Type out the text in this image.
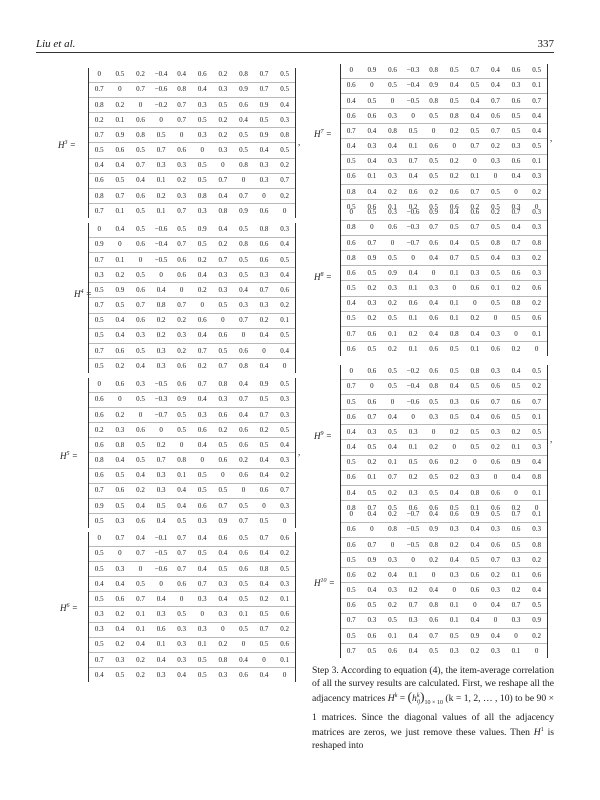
Liu et al.	337
$H^3$ =
0	0.5	0.2	−0.4	0.4	0.6	0.2	0.8	0.7	0.5
0.7	0	0.7	−0.6	0.8	0.4	0.3	0.9	0.7	0.5
0.8	0.2	0	−0.2	0.7	0.3	0.5	0.6	0.9	0.4
0.2	0.1	0.6	0	0.7	0.5	0.2	0.4	0.5	0.3
0.7	0.9	0.8	0.5	0	0.3	0.2	0.5	0.9	0.8
0.5	0.6	0.5	0.7	0.6	0	0.3	0.5	0.4	0.5
0.4	0.4	0.7	0.3	0.3	0.5	0	0.8	0.3	0.2
0.6	0.5	0.4	0.1	0.2	0.5	0.7	0	0.3	0.7
0.8	0.7	0.6	0.2	0.3	0.8	0.4	0.7	0	0.2
0.7	0.1	0.5	0.1	0.7	0.3	0.8	0.9	0.6	0
,
$H^4$ =
0	0.4	0.5	−0.6	0.5	0.9	0.4	0.5	0.8	0.3
0.9	0	0.6	−0.4	0.7	0.5	0.2	0.8	0.6	0.4
0.7	0.1	0	−0.5	0.6	0.2	0.7	0.5	0.6	0.5
0.3	0.2	0.5	0	0.6	0.4	0.3	0.5	0.3	0.4
0.5	0.9	0.6	0.4	0	0.2	0.3	0.4	0.7	0.6
0.7	0.5	0.7	0.8	0.7	0	0.5	0.3	0.3	0.2
0.5	0.4	0.6	0.2	0.2	0.6	0	0.7	0.2	0.1
0.5	0.4	0.3	0.2	0.3	0.4	0.6	0	0.4	0.5
0.7	0.6	0.5	0.3	0.2	0.7	0.5	0.6	0	0.4
0.5	0.2	0.4	0.3	0.6	0.2	0.7	0.8	0.4	0
$H^5$ =
0	0.6	0.3	−0.5	0.6	0.7	0.8	0.4	0.9	0.5
0.6	0	0.5	−0.3	0.9	0.4	0.3	0.7	0.5	0.3
0.6	0.2	0	−0.7	0.5	0.3	0.6	0.4	0.7	0.3
0.2	0.3	0.6	0	0.5	0.6	0.2	0.6	0.2	0.5
0.6	0.8	0.5	0.2	0	0.4	0.5	0.6	0.5	0.4
0.8	0.4	0.5	0.7	0.8	0	0.6	0.2	0.4	0.3
0.6	0.5	0.4	0.3	0.1	0.5	0	0.6	0.4	0.2
0.7	0.6	0.2	0.3	0.4	0.5	0.5	0	0.6	0.7
0.9	0.5	0.4	0.5	0.4	0.6	0.7	0.5	0	0.3
0.5	0.3	0.6	0.4	0.5	0.3	0.9	0.7	0.5	0
,
$H^6$ =
0	0.7	0.4	−0.1	0.7	0.4	0.6	0.5	0.7	0.6
0.5	0	0.7	−0.5	0.7	0.5	0.4	0.6	0.4	0.2
0.5	0.3	0	−0.6	0.7	0.4	0.5	0.6	0.8	0.5
0.4	0.4	0.5	0	0.6	0.7	0.3	0.5	0.4	0.3
0.5	0.6	0.7	0.4	0	0.3	0.4	0.5	0.2	0.1
0.3	0.2	0.1	0.3	0.5	0	0.3	0.1	0.5	0.6
0.3	0.4	0.1	0.6	0.3	0.3	0	0.5	0.7	0.2
0.5	0.2	0.4	0.1	0.3	0.1	0.2	0	0.5	0.6
0.7	0.3	0.2	0.4	0.3	0.5	0.8	0.4	0	0.1
0.4	0.5	0.2	0.3	0.4	0.5	0.3	0.6	0.4	0
$H^7$ =
0	0.9	0.6	−0.3	0.8	0.5	0.7	0.4	0.6	0.5
0.6	0	0.5	−0.4	0.9	0.4	0.5	0.4	0.3	0.1
0.4	0.5	0	−0.5	0.8	0.5	0.4	0.7	0.6	0.7
0.6	0.6	0.3	0	0.5	0.8	0.4	0.6	0.5	0.4
0.7	0.4	0.8	0.5	0	0.2	0.5	0.7	0.5	0.4
0.4	0.3	0.4	0.1	0.6	0	0.7	0.2	0.3	0.5
0.5	0.4	0.3	0.7	0.5	0.2	0	0.3	0.6	0.1
0.6	0.1	0.3	0.4	0.5	0.2	0.1	0	0.4	0.3
0.8	0.4	0.2	0.6	0.2	0.6	0.7	0.5	0	0.2
0.5	0.6	0.1	0.2	0.5	0.6	0.2	0.5	0.3	0
,
$H^8$ =
0	0.5	0.3	−0.6	0.9	0.4	0.6	0.2	0.7	0.3
0.8	0	0.6	−0.3	0.7	0.5	0.7	0.5	0.4	0.3
0.6	0.7	0	−0.7	0.6	0.4	0.5	0.8	0.7	0.8
0.8	0.9	0.5	0	0.4	0.7	0.5	0.4	0.3	0.2
0.6	0.5	0.9	0.4	0	0.1	0.3	0.5	0.6	0.3
0.5	0.2	0.3	0.1	0.3	0	0.6	0.1	0.2	0.6
0.4	0.3	0.2	0.6	0.4	0.1	0	0.5	0.8	0.2
0.5	0.2	0.5	0.1	0.6	0.1	0.2	0	0.5	0.6
0.7	0.6	0.1	0.2	0.4	0.8	0.4	0.3	0	0.1
0.6	0.5	0.2	0.1	0.6	0.5	0.1	0.6	0.2	0
$H^9$ =
0	0.6	0.5	−0.2	0.6	0.5	0.8	0.3	0.4	0.5
0.7	0	0.5	−0.4	0.8	0.4	0.5	0.6	0.5	0.2
0.5	0.6	0	−0.6	0.5	0.3	0.6	0.7	0.6	0.7
0.6	0.7	0.4	0	0.3	0.5	0.4	0.6	0.5	0.1
0.4	0.3	0.5	0.3	0	0.2	0.5	0.3	0.2	0.5
0.4	0.5	0.4	0.1	0.2	0	0.5	0.2	0.1	0.3
0.5	0.2	0.1	0.5	0.6	0.2	0	0.6	0.9	0.4
0.6	0.1	0.7	0.2	0.5	0.2	0.3	0	0.4	0.8
0.4	0.5	0.2	0.3	0.5	0.4	0.8	0.6	0	0.1
0.8	0.7	0.5	0.6	0.6	0.5	0.1	0.6	0.2	0
,
$H^{10}$ =
0	0.4	0.2	−0.7	0.4	0.6	0.9	0.5	0.7	0.1
0.6	0	0.8	−0.5	0.9	0.3	0.4	0.3	0.6	0.3
0.6	0.7	0	−0.5	0.8	0.2	0.4	0.6	0.5	0.8
0.5	0.9	0.3	0	0.2	0.4	0.5	0.7	0.3	0.2
0.6	0.2	0.4	0.1	0	0.3	0.6	0.2	0.1	0.6
0.5	0.4	0.3	0.2	0.4	0	0.6	0.3	0.2	0.4
0.6	0.5	0.2	0.7	0.8	0.1	0	0.4	0.7	0.5
0.7	0.3	0.5	0.3	0.6	0.1	0.4	0	0.3	0.9
0.5	0.6	0.1	0.4	0.7	0.5	0.9	0.4	0	0.2
0.7	0.5	0.6	0.4	0.5	0.3	0.2	0.3	0.1	0
Step 3. According to equation (4), the item-average correlation of all the survey results are calculated. First, we reshape all the adjacency matrices $H^k = (h$ k
ij )$_{10 \times 10}$ (k = 1, 2, … , 10) to be 90 × 1 matrices. Since the diagonal values of all the adjacency matrices are zeros, we just remove these values. Then $H^1$ is reshaped into
